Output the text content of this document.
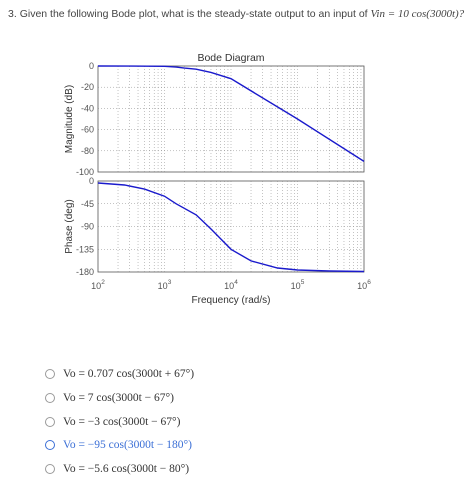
3. Given the following Bode plot, what is the steady-state output to an input of Vin = 10 cos(3000t)?
0
-20
-40
-60
-80
-100
Magnitude (dB)
0
-45
-90
-135
-180
Phase (deg)
Bode Diagram
$10^2$	$10^3$	$10^4$	$10^5$	$10^6$
Frequency (rad/s)
Vo = 0.707 cos(3000t + 67°)
Vo = 7 cos(3000t − 67°)
Vo = −3 cos(3000t − 67°)
Vo = −95 cos(3000t − 180°)
Vo = −5.6 cos(3000t − 80°)
